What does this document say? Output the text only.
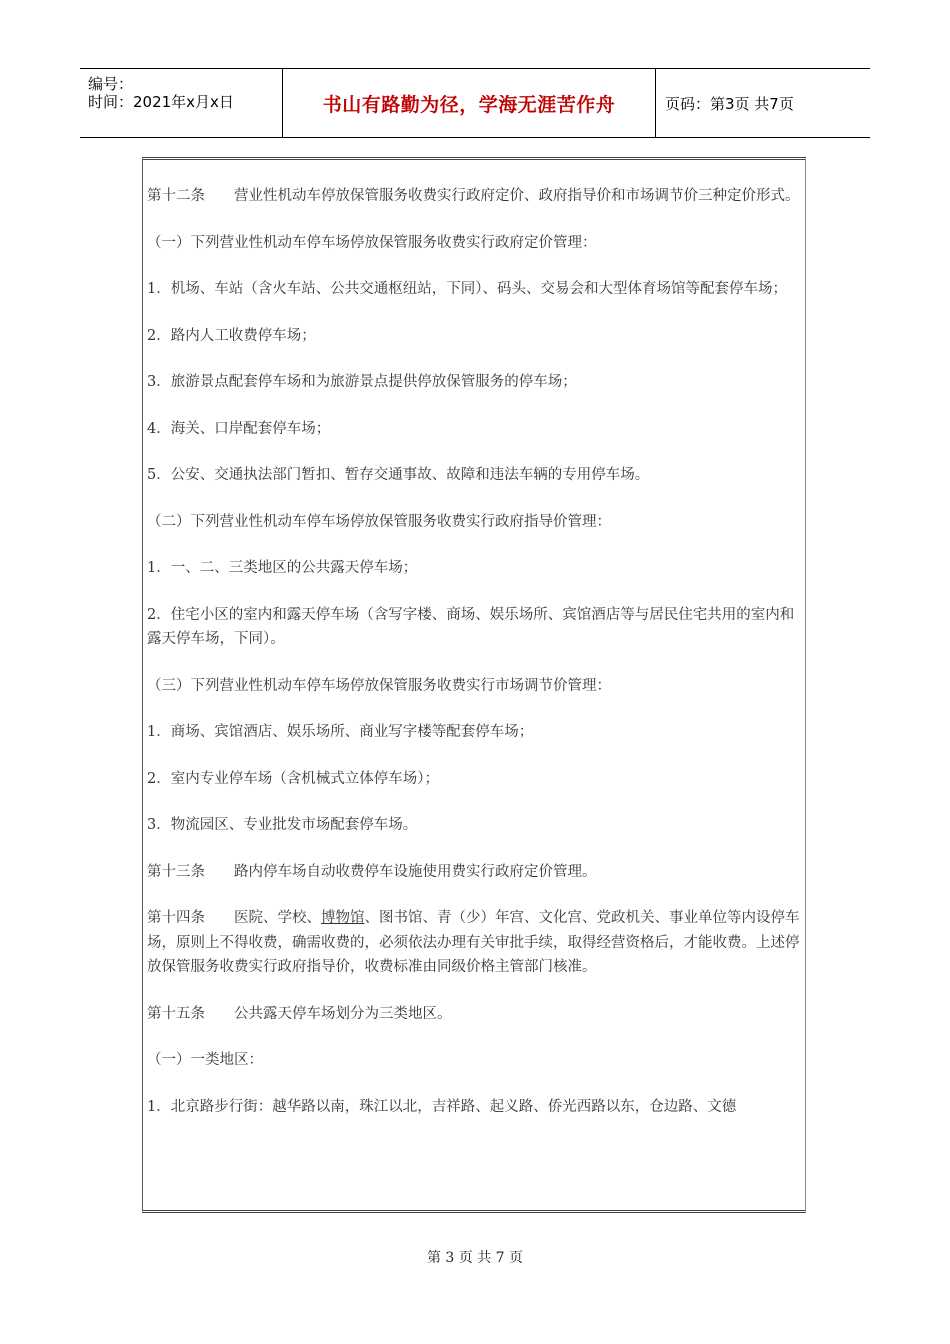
编号：
时间：2021年x月x日	书山有路勤为径，学海无涯苦作舟	页码：第3页 共7页

第十二条　　营业性机动车停放保管服务收费实行政府定价、政府指导价和市场调节价三种定价形式。

（一）下列营业性机动车停车场停放保管服务收费实行政府定价管理：

1．机场、车站（含火车站、公共交通枢纽站，下同）、码头、交易会和大型体育场馆等配套停车场；

2．路内人工收费停车场；

3．旅游景点配套停车场和为旅游景点提供停放保管服务的停车场；

4．海关、口岸配套停车场；

5．公安、交通执法部门暂扣、暂存交通事故、故障和违法车辆的专用停车场。

（二）下列营业性机动车停车场停放保管服务收费实行政府指导价管理：

1．一、二、三类地区的公共露天停车场；

2．住宅小区的室内和露天停车场（含写字楼、商场、娱乐场所、宾馆酒店等与居民住宅共用的室内和露天停车场，下同）。

（三）下列营业性机动车停车场停放保管服务收费实行市场调节价管理：

1．商场、宾馆酒店、娱乐场所、商业写字楼等配套停车场；

2．室内专业停车场（含机械式立体停车场）；

3．物流园区、专业批发市场配套停车场。

第十三条　　路内停车场自动收费停车设施使用费实行政府定价管理。

第十四条　　医院、学校、博物馆、图书馆、青（少）年宫、文化宫、党政机关、事业单位等内设停车场，原则上不得收费，确需收费的，必须依法办理有关审批手续，取得经营资格后，才能收费。上述停放保管服务收费实行政府指导价，收费标准由同级价格主管部门核准。

第十五条　　公共露天停车场划分为三类地区。

（一）一类地区：

1．北京路步行街：越华路以南，珠江以北，吉祥路、起义路、侨光西路以东，仓边路、文德

第 3 页 共 7 页
